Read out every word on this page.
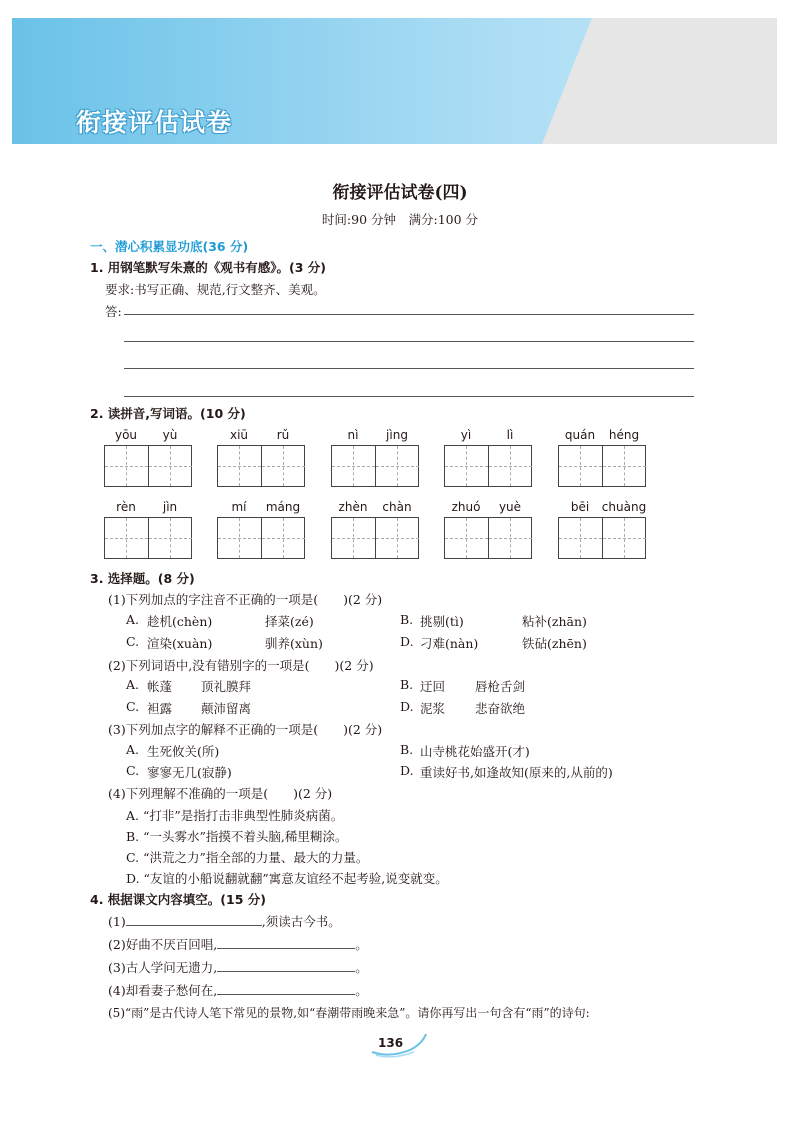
衔接评估试卷
衔接评估试卷(四)
时间:90 分钟　满分:100 分
一、潜心积累显功底(36 分)
1. 用钢笔默写朱熹的《观书有感》。(3 分)
要求:书写正确、规范,行文整齐、美观。
答:
2. 读拼音,写词语。(10 分)
yōu	yù	xiū	rǔ	nì	jìng	yì	lì	quán	héng
rèn	jìn	mí	máng	zhèn	chàn	zhuó	yuè	bēi	chuàng
3. 选择题。(8 分)
(1)下列加点的字注音不正确的一项是(　　)(2 分)
A. 趁机(chèn)	择菜(zé)	B. 挑剔(tì)	粘补(zhān)
C. 渲染(xuàn)	驯养(xùn)	D. 刁难(nàn)	铁砧(zhēn)
(2)下列词语中,没有错别字的一项是(　　)(2 分)
A. 帐蓬 顶礼膜拜	B. 迂回 唇枪舌剑
C. 袒露 颠沛留离	D. 泥浆 悲奋欲绝
(3)下列加点字的解释不正确的一项是(　　)(2 分)
A. 生死攸关(所)	B. 山寺桃花始盛开(才)
C. 寥寥无几(寂静)	D. 重读好书,如逢故知(原来的,从前的)
(4)下列理解不准确的一项是(　　)(2 分)
A. “打非”是指打击非典型性肺炎病菌。
B. “一头雾水”指摸不着头脑,稀里糊涂。
C. “洪荒之力”指全部的力量、最大的力量。
D. “友谊的小船说翻就翻”寓意友谊经不起考验,说变就变。
4. 根据课文内容填空。(15 分)
(1)	,须读古今书。
(2)好曲不厌百回唱,	。
(3)古人学问无遗力,	。
(4)却看妻子愁何在,	。
(5)“雨”是古代诗人笔下常见的景物,如“春潮带雨晚来急”。请你再写出一句含有“雨”的诗句:
136
